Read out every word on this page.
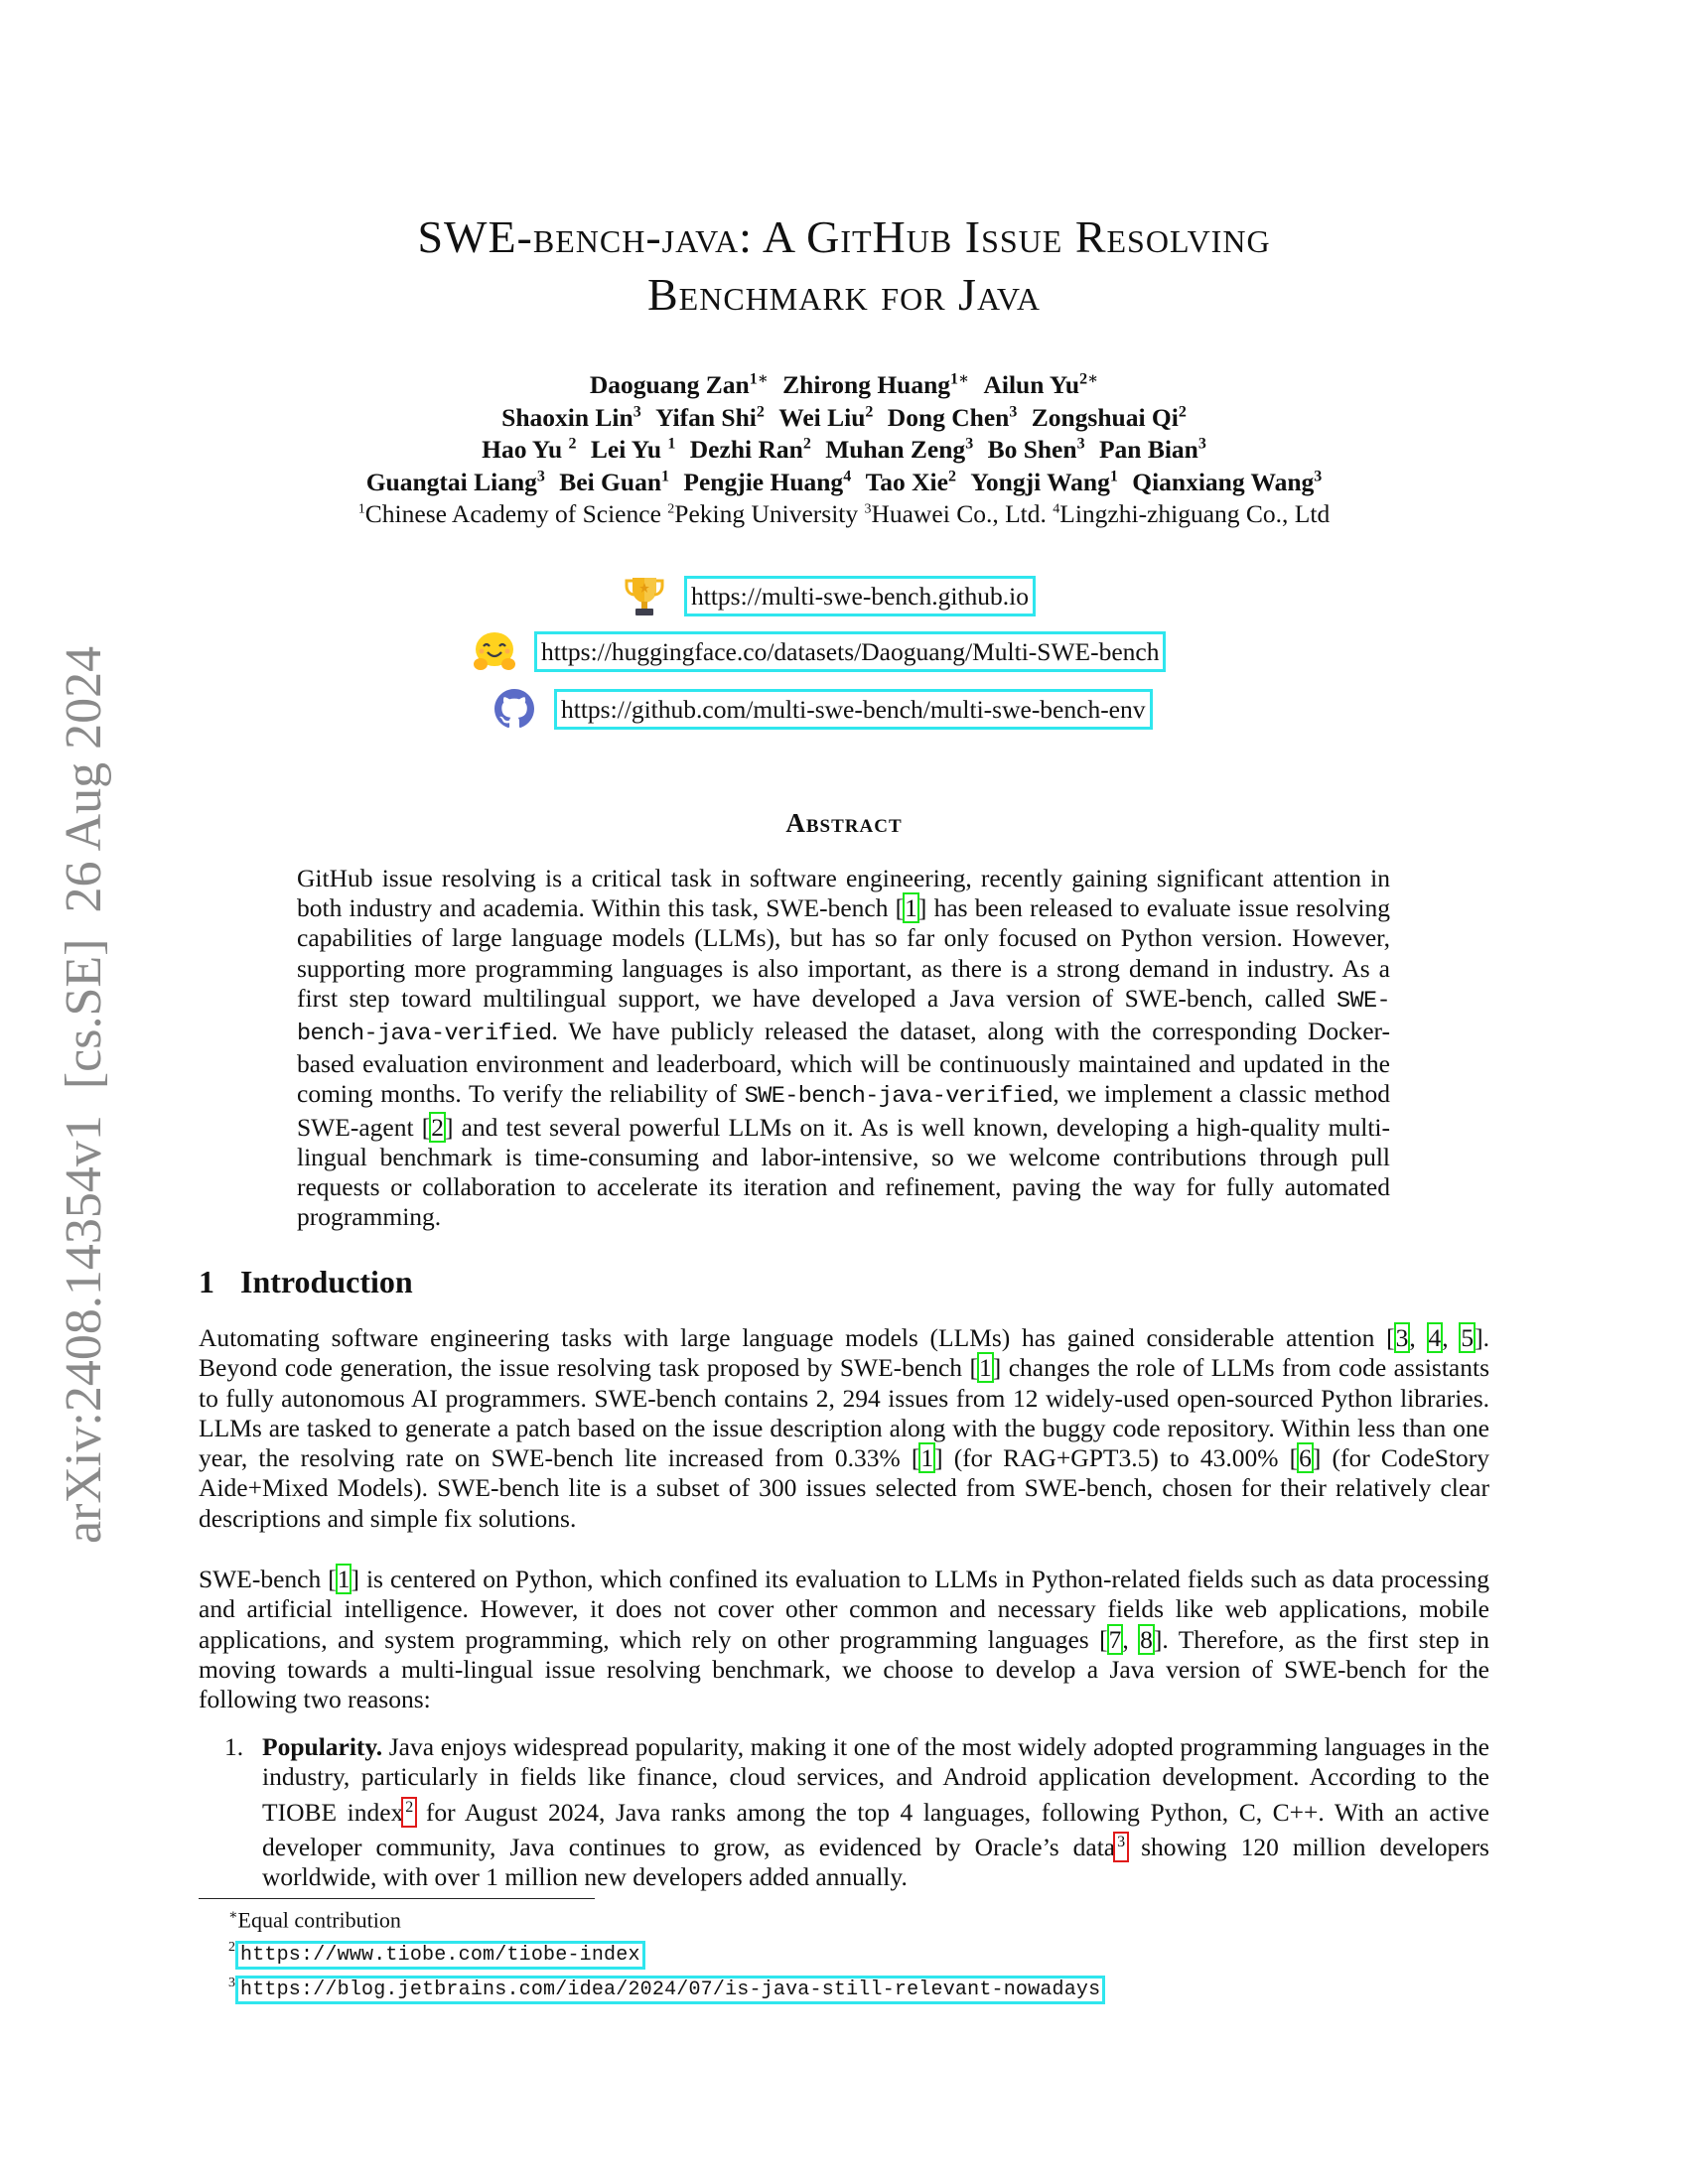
arXiv:2408.14354v1  [cs.SE]  26 Aug 2024
SWE-bench-java: A GitHub Issue Resolving
Benchmark for Java
Daoguang Zan$^{1∗}$ Zhirong Huang$^{1∗}$ Ailun $Yu^{2∗}$
Shaoxin Lin$^3$ Yifan Shi$^2$ Wei Liu$^2$ Dong Chen$^3$ Zongshuai Qi$^2$
Hao Yu $^2$ Lei Yu $^1$ Dezhi Ran$^2$ Muhan Zeng$^3$ Bo Shen$^3$ Pan Bian$^3$
Guangtai Liang$^3$ Bei Guan$^1$ Pengjie Huang$^4$ Tao Xie$^2$ Yongji Wang$^1$ Qianxiang Wang$^3$
$^1$Chinese Academy of Science $^2$Peking University $^3$Huawei Co., Ltd. $^4$Lingzhi-zhiguang Co., Ltd
https://multi-swe-bench.github.io
https://huggingface.co/datasets/Daoguang/Multi-SWE-bench
https://github.com/multi-swe-bench/multi-swe-bench-env
Abstract
GitHub issue resolving is a critical task in software engineering, recently gaining significant attention in both industry and academia. Within this task, SWE-bench [1] has been released to evaluate issue resolving capabilities of large language models (LLMs), but has so far only focused on Python version. However, supporting more programming languages is also important, as there is a strong demand in industry. As a first step toward multilingual support, we have developed a Java version of SWE-bench, called SWE-bench-java-verified. We have publicly released the dataset, along with the corresponding Docker-based evaluation environment and leaderboard, which will be continuously maintained and updated in the coming months. To verify the reliability of SWE-bench-java-verified, we implement a classic method SWE-agent [2] and test several powerful LLMs on it. As is well known, developing a high-quality multi-lingual benchmark is time-consuming and labor-intensive, so we welcome contributions through pull requests or collaboration to accelerate its iteration and refinement, paving the way for fully automated programming.
1 Introduction
Automating software engineering tasks with large language models (LLMs) has gained considerable attention [3, 4, 5]. Beyond code generation, the issue resolving task proposed by SWE-bench [1] changes the role of LLMs from code assistants to fully autonomous AI programmers. SWE-bench contains 2, 294 issues from 12 widely-used open-sourced Python libraries. LLMs are tasked to generate a patch based on the issue description along with the buggy code repository. Within less than one year, the resolving rate on SWE-bench lite increased from 0.33% [1] (for RAG+GPT3.5) to 43.00% [6] (for CodeStory Aide+Mixed Models). SWE-bench lite is a subset of 300 issues selected from SWE-bench, chosen for their relatively clear descriptions and simple fix solutions.
SWE-bench [1] is centered on Python, which confined its evaluation to LLMs in Python-related fields such as data processing and artificial intelligence. However, it does not cover other common and necessary fields like web applications, mobile applications, and system programming, which rely on other programming languages [7, 8]. Therefore, as the first step in moving towards a multi-lingual issue resolving benchmark, we choose to develop a Java version of SWE-bench for the following two reasons:
1. Popularity. Java enjoys widespread popularity, making it one of the most widely adopted programming languages in the industry, particularly in fields like finance, cloud services, and Android application development. According to the TIOBE index $^2$ for August 2024, Java ranks among the top 4 languages, following Python, C, C++. With an active developer community, Java continues to grow, as evidenced by Oracle’s data $^3$ showing 120 million developers worldwide, with over 1 million new developers added annually.
∗Equal contribution
$^2$ https://www.tiobe.com/tiobe-index
$^3$ https://blog.jetbrains.com/idea/2024/07/is-java-still-relevant-nowadays
